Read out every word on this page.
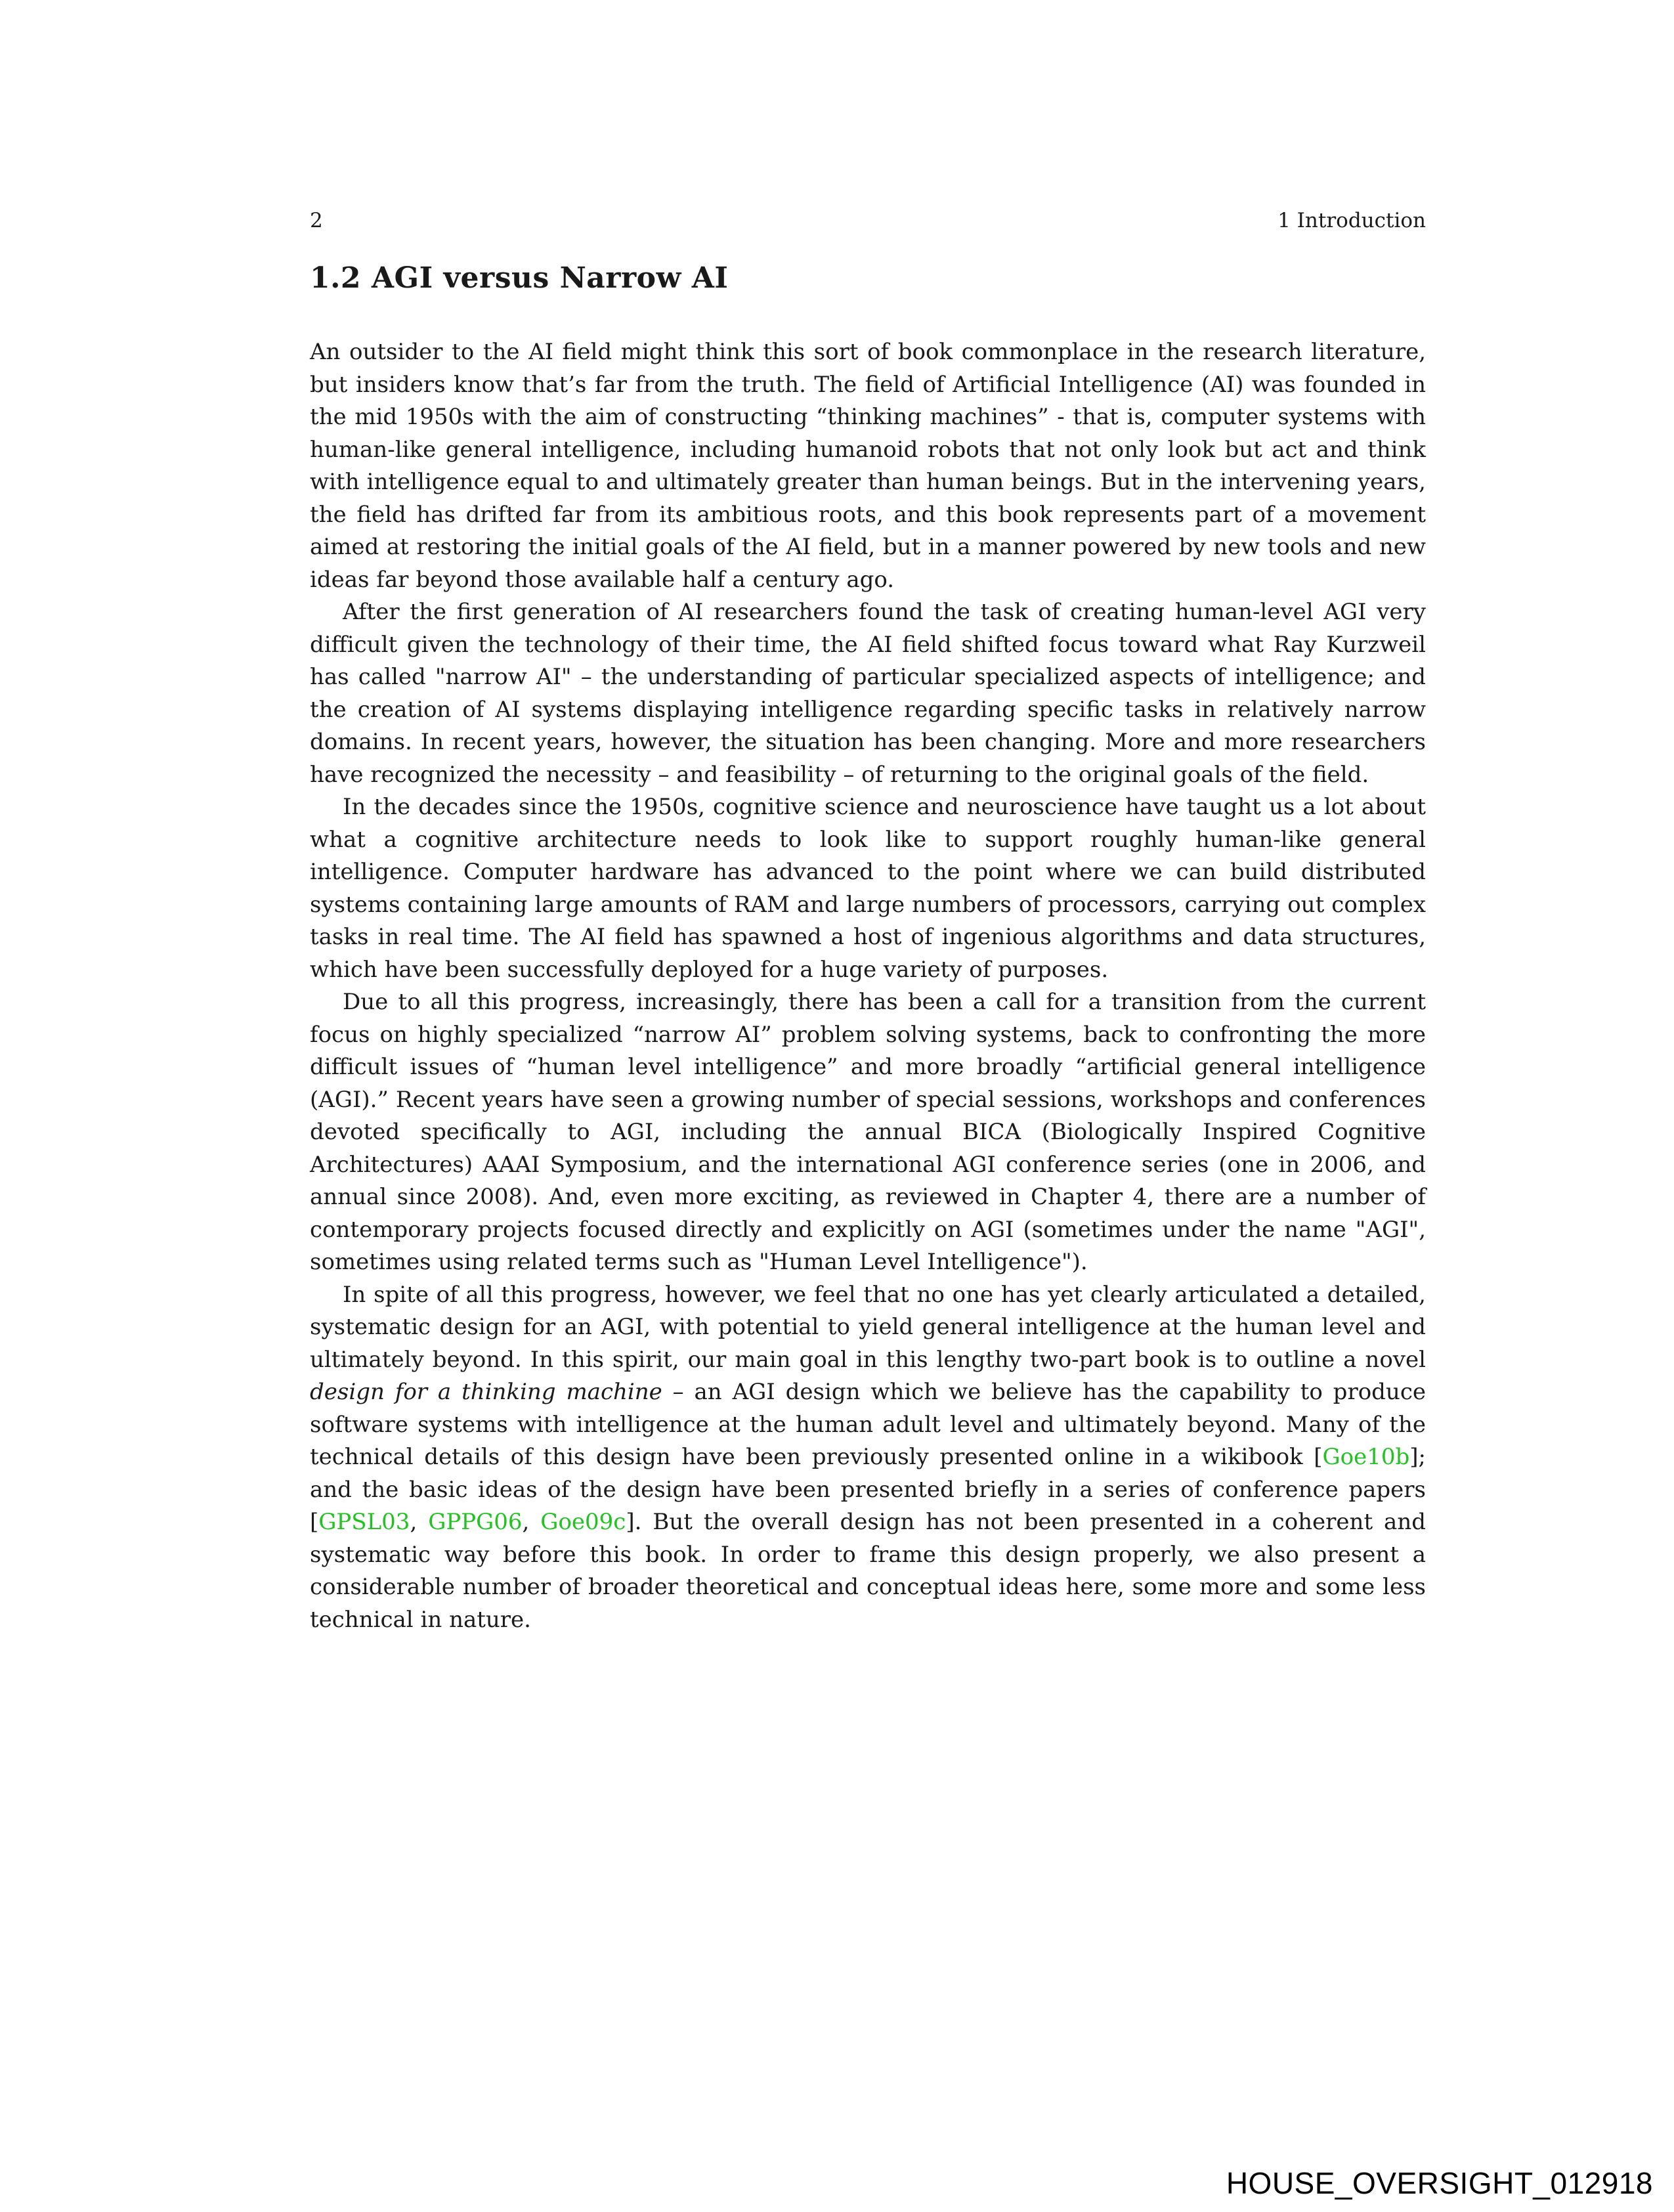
2	1 Introduction
1.2 AGI versus Narrow AI

An outsider to the AI field might think this sort of book commonplace in the research literature, but insiders know that’s far from the truth. The field of Artificial Intelligence (AI) was founded in the mid 1950s with the aim of constructing “thinking machines” - that is, computer systems with human-like general intelligence, including humanoid robots that not only look but act and think with intelligence equal to and ultimately greater than human beings. But in the intervening years, the field has drifted far from its ambitious roots, and this book represents part of a movement aimed at restoring the initial goals of the AI field, but in a manner powered by new tools and new ideas far beyond those available half a century ago.

After the first generation of AI researchers found the task of creating human-level AGI very difficult given the technology of their time, the AI field shifted focus toward what Ray Kurzweil has called "narrow AI" – the understanding of particular specialized aspects of intelligence; and the creation of AI systems displaying intelligence regarding specific tasks in relatively narrow domains. In recent years, however, the situation has been changing. More and more researchers have recognized the necessity – and feasibility – of returning to the original goals of the field.

In the decades since the 1950s, cognitive science and neuroscience have taught us a lot about what a cognitive architecture needs to look like to support roughly human-like general intelligence. Computer hardware has advanced to the point where we can build distributed systems containing large amounts of RAM and large numbers of processors, carrying out complex tasks in real time. The AI field has spawned a host of ingenious algorithms and data structures, which have been successfully deployed for a huge variety of purposes.

Due to all this progress, increasingly, there has been a call for a transition from the current focus on highly specialized “narrow AI” problem solving systems, back to confronting the more difficult issues of “human level intelligence” and more broadly “artificial general intelligence (AGI).” Recent years have seen a growing number of special sessions, workshops and conferences devoted specifically to AGI, including the annual BICA (Biologically Inspired Cognitive Architectures) AAAI Symposium, and the international AGI conference series (one in 2006, and annual since 2008). And, even more exciting, as reviewed in Chapter 4, there are a number of contemporary projects focused directly and explicitly on AGI (sometimes under the name "AGI", sometimes using related terms such as "Human Level Intelligence").

In spite of all this progress, however, we feel that no one has yet clearly articulated a detailed, systematic design for an AGI, with potential to yield general intelligence at the human level and ultimately beyond. In this spirit, our main goal in this lengthy two-part book is to outline a novel design for a thinking machine – an AGI design which we believe has the capability to produce software systems with intelligence at the human adult level and ultimately beyond. Many of the technical details of this design have been previously presented online in a wikibook [Goe10b]; and the basic ideas of the design have been presented briefly in a series of conference papers [GPSL03, GPPG06, Goe09c]. But the overall design has not been presented in a coherent and systematic way before this book. In order to frame this design properly, we also present a considerable number of broader theoretical and conceptual ideas here, some more and some less technical in nature.

HOUSE_OVERSIGHT_012918
